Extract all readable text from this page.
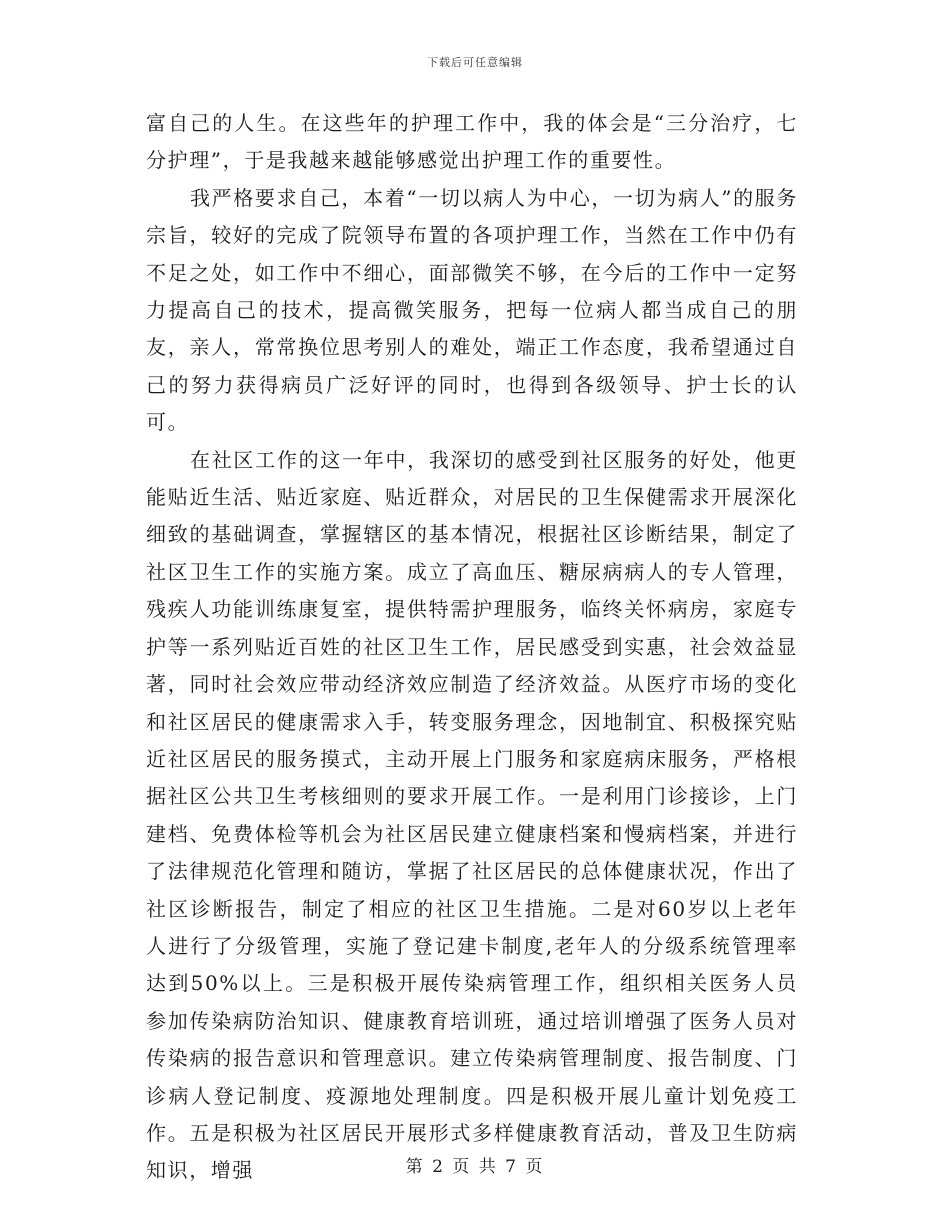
下载后可任意编辑

富自己的人生。在这些年的护理工作中，我的体会是“三分治疗，七分护理”，于是我越来越能够感觉出护理工作的重要性。

我严格要求自己，本着“一切以病人为中心，一切为病人”的服务宗旨，较好的完成了院领导布置的各项护理工作，当然在工作中仍有不足之处，如工作中不细心，面部微笑不够，在今后的工作中一定努力提高自己的技术，提高微笑服务，把每一位病人都当成自己的朋友，亲人，常常换位思考别人的难处，端正工作态度，我希望通过自己的努力获得病员广泛好评的同时，也得到各级领导、护士长的认可。

在社区工作的这一年中，我深切的感受到社区服务的好处，他更能贴近生活、贴近家庭、贴近群众，对居民的卫生保健需求开展深化细致的基础调查，掌握辖区的基本情况，根据社区诊断结果，制定了社区卫生工作的实施方案。成立了高血压、糖尿病病人的专人管理，残疾人功能训练康复室，提供特需护理服务，临终关怀病房，家庭专护等一系列贴近百姓的社区卫生工作，居民感受到实惠，社会效益显著，同时社会效应带动经济效应制造了经济效益。从医疗市场的变化和社区居民的健康需求入手，转变服务理念，因地制宜、积极探究贴近社区居民的服务摸式，主动开展上门服务和家庭病床服务，严格根据社区公共卫生考核细则的要求开展工作。一是利用门诊接诊，上门建档、免费体检等机会为社区居民建立健康档案和慢病档案，并进行了法律规范化管理和随访，掌据了社区居民的总体健康状况，作出了社区诊断报告，制定了相应的社区卫生措施。二是对60岁以上老年人进行了分级管理，实施了登记建卡制度,老年人的分级系统管理率达到50%以上。三是积极开展传染病管理工作，组织相关医务人员参加传染病防治知识、健康教育培训班，通过培训增强了医务人员对传染病的报告意识和管理意识。建立传染病管理制度、报告制度、门诊病人登记制度、疫源地处理制度。四是积极开展儿童计划免疫工作。五是积极为社区居民开展形式多样健康教育活动，普及卫生防病知识，增强	第 2 页 共 7 页
